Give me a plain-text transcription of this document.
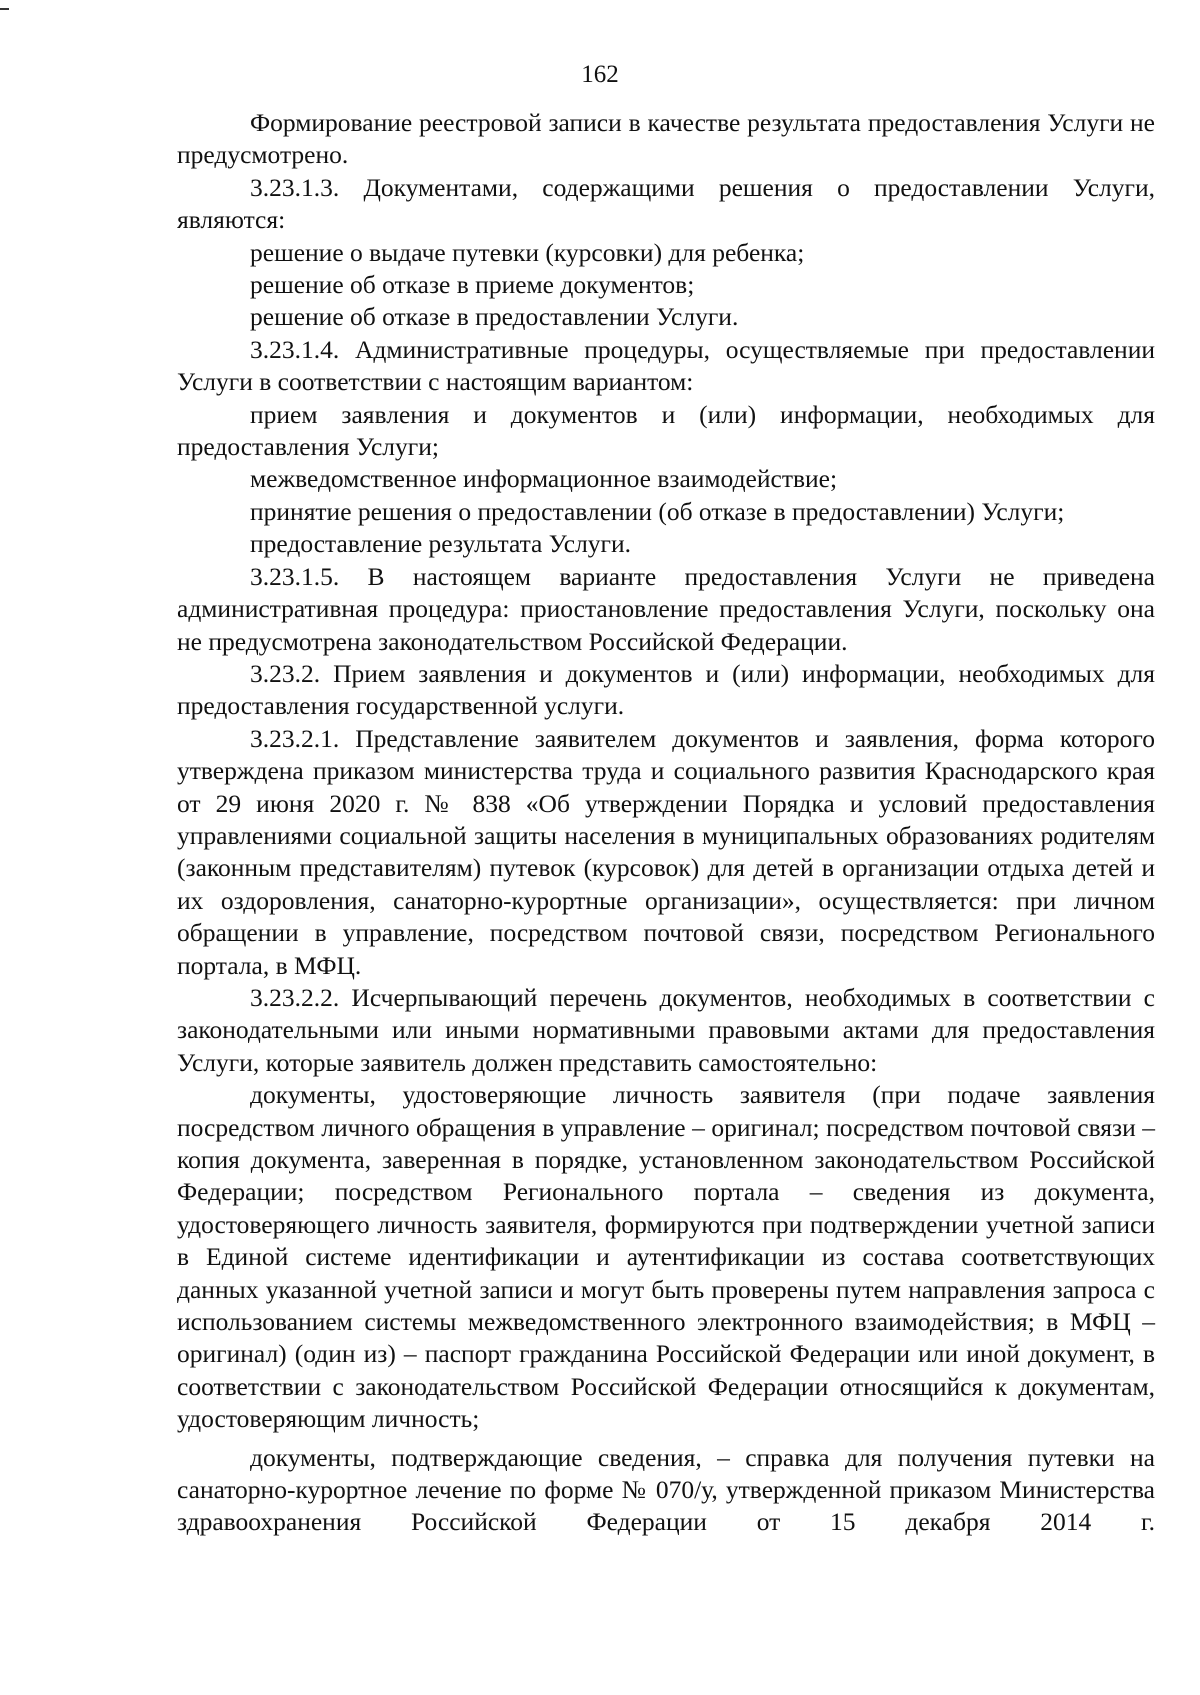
162

Формирование реестровой записи в качестве результата предоставления Услуги не предусмотрено.

3.23.1.3. Документами, содержащими решения о предоставлении Услуги, являются:

решение о выдаче путевки (курсовки) для ребенка;

решение об отказе в приеме документов;

решение об отказе в предоставлении Услуги.

3.23.1.4. Административные процедуры, осуществляемые при предоставлении Услуги в соответствии с настоящим вариантом:

прием заявления и документов и (или) информации, необходимых для предоставления Услуги;

межведомственное информационное взаимодействие;

принятие решения о предоставлении (об отказе в предоставлении) Услуги;

предоставление результата Услуги.

3.23.1.5. В настоящем варианте предоставления Услуги не приведена административная процедура: приостановление предоставления Услуги, поскольку она не предусмотрена законодательством Российской Федерации.

3.23.2. Прием заявления и документов и (или) информации, необходимых для предоставления государственной услуги.

3.23.2.1. Представление заявителем документов и заявления, форма которого утверждена приказом министерства труда и социального развития Краснодарского края от 29 июня 2020 г. № 838 «Об утверждении Порядка и условий предоставления управлениями социальной защиты населения в муниципальных образованиях родителям (законным представителям) путевок (курсовок) для детей в организации отдыха детей и их оздоровления, санаторно-курортные организации», осуществляется: при личном обращении в управление, посредством почтовой связи, посредством Регионального портала, в МФЦ.

3.23.2.2. Исчерпывающий перечень документов, необходимых в соответствии с законодательными или иными нормативными правовыми актами для предоставления Услуги, которые заявитель должен представить самостоятельно:

документы, удостоверяющие личность заявителя (при подаче заявления посредством личного обращения в управление – оригинал; посредством почтовой связи – копия документа, заверенная в порядке, установленном законодательством Российской Федерации; посредством Регионального портала – сведения из документа, удостоверяющего личность заявителя, формируются при подтверждении учетной записи в Единой системе идентификации и аутентификации из состава соответствующих данных указанной учетной записи и могут быть проверены путем направления запроса с использованием системы межведомственного электронного взаимодействия; в МФЦ – оригинал) (один из) – паспорт гражданина Российской Федерации или иной документ, в соответствии с законодательством Российской Федерации относящийся к документам, удостоверяющим личность;

документы, подтверждающие сведения, – справка для получения путевки на санаторно-курортное лечение по форме № 070/у, утвержденной приказом Министерства здравоохранения Российской Федерации от 15 декабря 2014 г.
